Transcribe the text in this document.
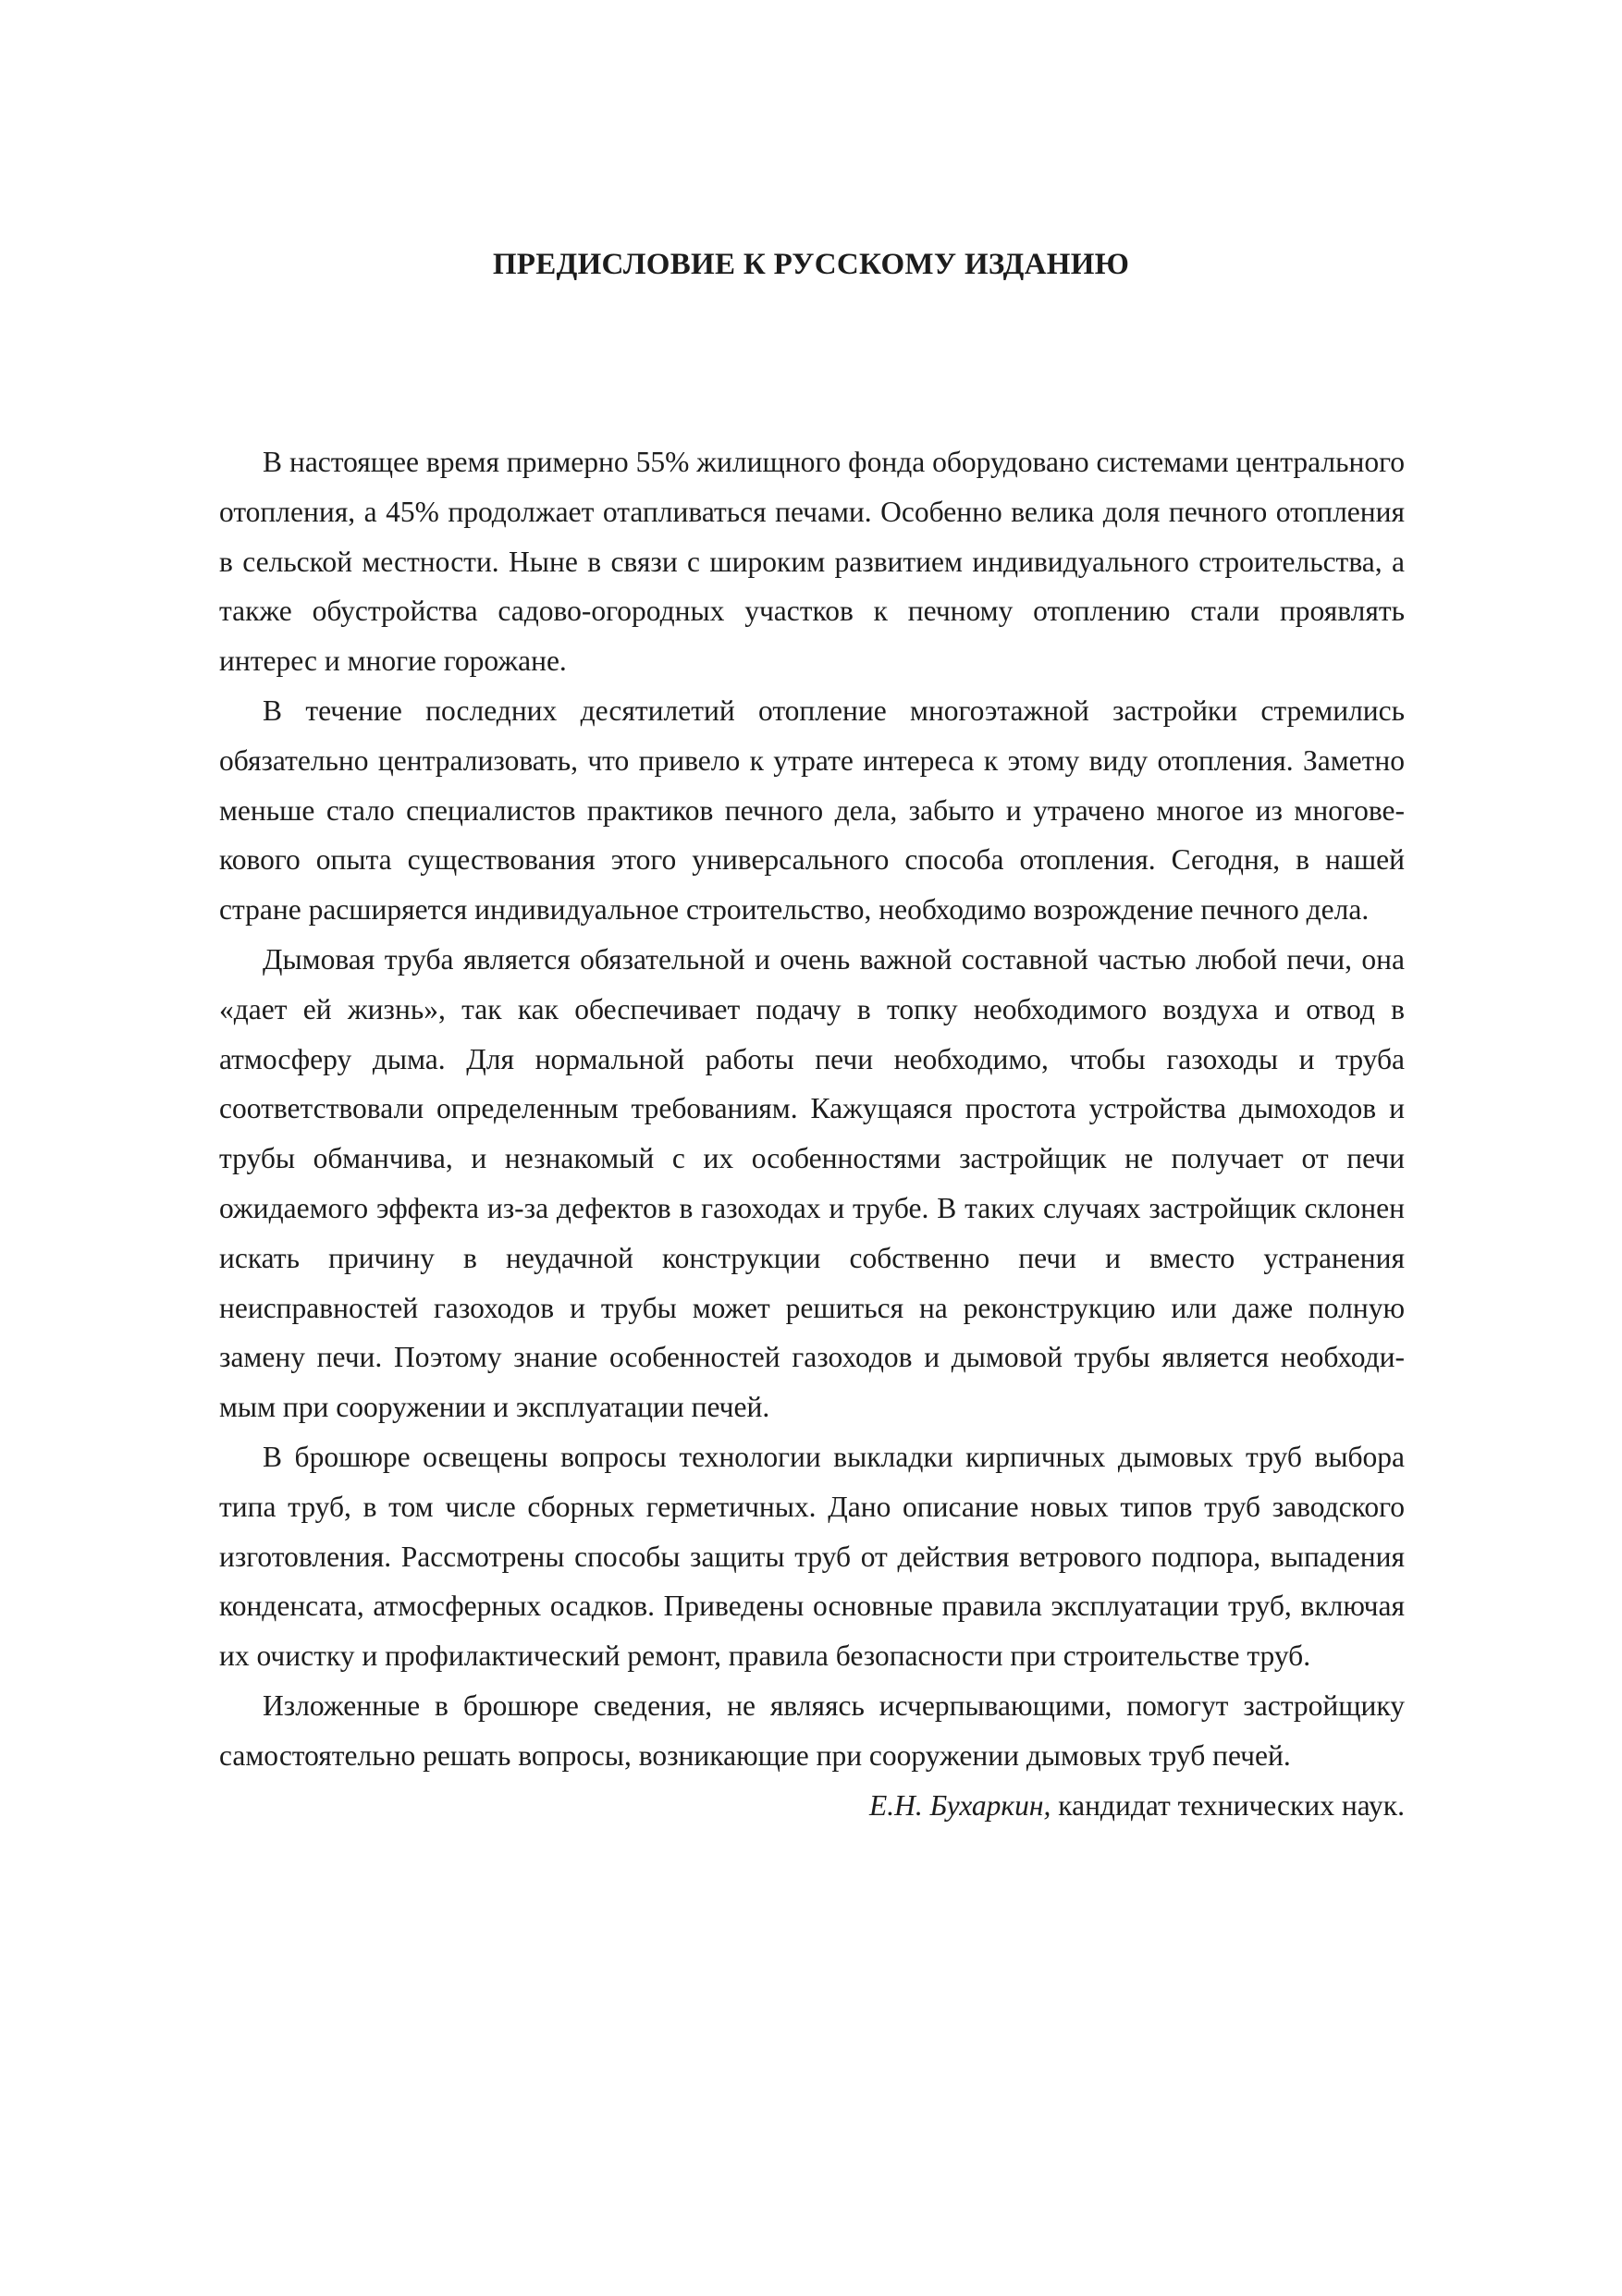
ПРЕДИСЛОВИЕ К РУССКОМУ ИЗДАНИЮ

В настоящее время примерно 55% жилищного фонда оборудовано системами центрального отопления, а 45% продолжает отапливаться печами. Особенно велика доля печного отопления в сельской местности. Ныне в связи с широким развитием индивидуального строительства, а также обустройства садово-огородных участков к печному отоплению стали проявлять интерес и многие горожане.

В течение последних десятилетий отопление многоэтажной застройки стремились обязательно централизовать, что привело к утрате интереса к этому виду отопления. Заметно меньше стало специалистов практиков печного дела, забыто и утрачено многое из многовекового опыта существования этого универсального способа отопления. Сегодня, в нашей стране расширяется индивидуальное строительство, необходимо возрождение печного дела.

Дымовая труба является обязательной и очень важной составной частью любой печи, она «дает ей жизнь», так как обеспечивает подачу в топку необходимого воздуха и отвод в атмосферу дыма. Для нормальной работы печи необходимо, чтобы газоходы и труба соответствовали определенным требованиям. Кажущаяся простота устройства дымоходов и трубы обманчива, и незнакомый с их особенностями застройщик не получает от печи ожидаемого эффекта из-за дефектов в газоходах и трубе. В таких случаях застройщик склонен искать причину в неудачной конструкции собственно печи и вместо устранения неисправностей газоходов и трубы может решиться на реконструкцию или даже полную замену печи. Поэтому знание особенностей газоходов и дымовой трубы является необходимым при сооружении и эксплуатации печей.

В брошюре освещены вопросы технологии выкладки кирпичных дымовых труб выбора типа труб, в том числе сборных герметичных. Дано описание новых типов труб заводского изготовления. Рассмотрены способы защиты труб от действия ветрового подпора, выпадения конденсата, атмосферных осадков. Приведены основные правила эксплуатации труб, включая их очистку и профилактический ремонт, правила безопасности при строительстве труб.

Изложенные в брошюре сведения, не являясь исчерпывающими, помогут застройщику самостоятельно решать вопросы, возникающие при сооружении дымовых труб печей.

Е.Н. Бухаркин, кандидат технических наук.
